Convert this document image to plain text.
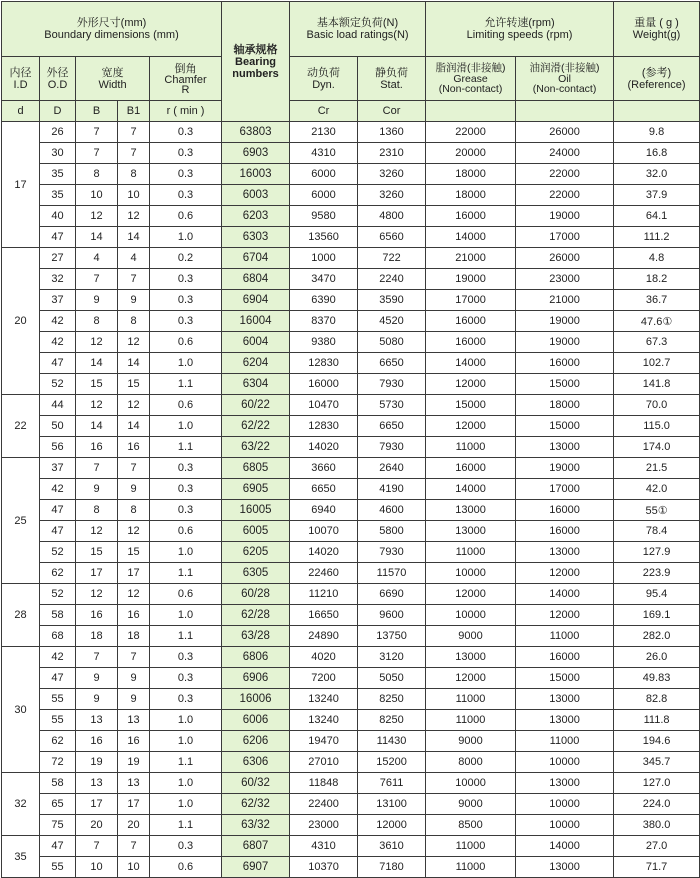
外形尺寸(mm)
Boundary dimensions (mm)					轴承规格
Bearing
numbers	基本额定负荷(N)
Basic load ratings(N)		允许转速(rpm)
Limiting speeds (rpm)		重量 ( g )
Weight(g)

内径
I.D	外径
O.D	宽度
Width		倒角
Chamfer
R		动负荷
Dyn.	静负荷
Stat.	脂润滑(非接触)
Grease
(Non-contact)	油润滑(非接触)
Oil
(Non-contact)	(参考)
(Reference)

d	D	B	B1	r ( min )		Cr	Cor			
17	26	7	7	0.3	63803	2130	1360	22000	26000	9.8
	30	7	7	0.3	6903	4310	2310	20000	24000	16.8
	35	8	8	0.3	16003	6000	3260	18000	22000	32.0
	35	10	10	0.3	6003	6000	3260	18000	22000	37.9
	40	12	12	0.6	6203	9580	4800	16000	19000	64.1
	47	14	14	1.0	6303	13560	6560	14000	17000	111.2
20	27	4	4	0.2	6704	1000	722	21000	26000	4.8
	32	7	7	0.3	6804	3470	2240	19000	23000	18.2
	37	9	9	0.3	6904	6390	3590	17000	21000	36.7
	42	8	8	0.3	16004	8370	4520	16000	19000	47.6①
	42	12	12	0.6	6004	9380	5080	16000	19000	67.3
	47	14	14	1.0	6204	12830	6650	14000	16000	102.7
	52	15	15	1.1	6304	16000	7930	12000	15000	141.8
22	44	12	12	0.6	60/22	10470	5730	15000	18000	70.0
	50	14	14	1.0	62/22	12830	6650	12000	15000	115.0
	56	16	16	1.1	63/22	14020	7930	11000	13000	174.0
25	37	7	7	0.3	6805	3660	2640	16000	19000	21.5
	42	9	9	0.3	6905	6650	4190	14000	17000	42.0
	47	8	8	0.3	16005	6940	4600	13000	16000	55①
	47	12	12	0.6	6005	10070	5800	13000	16000	78.4
	52	15	15	1.0	6205	14020	7930	11000	13000	127.9
	62	17	17	1.1	6305	22460	11570	10000	12000	223.9
28	52	12	12	0.6	60/28	11210	6690	12000	14000	95.4
	58	16	16	1.0	62/28	16650	9600	10000	12000	169.1
	68	18	18	1.1	63/28	24890	13750	9000	11000	282.0
30	42	7	7	0.3	6806	4020	3120	13000	16000	26.0
	47	9	9	0.3	6906	7200	5050	12000	15000	49.83
	55	9	9	0.3	16006	13240	8250	11000	13000	82.8
	55	13	13	1.0	6006	13240	8250	11000	13000	111.8
	62	16	16	1.0	6206	19470	11430	9000	11000	194.6
	72	19	19	1.1	6306	27010	15200	8000	10000	345.7
32	58	13	13	1.0	60/32	11848	7611	10000	13000	127.0
	65	17	17	1.0	62/32	22400	13100	9000	10000	224.0
	75	20	20	1.1	63/32	23000	12000	8500	10000	380.0
35	47	7	7	0.3	6807	4310	3610	11000	14000	27.0
	55	10	10	0.6	6907	10370	7180	11000	13000	71.7
